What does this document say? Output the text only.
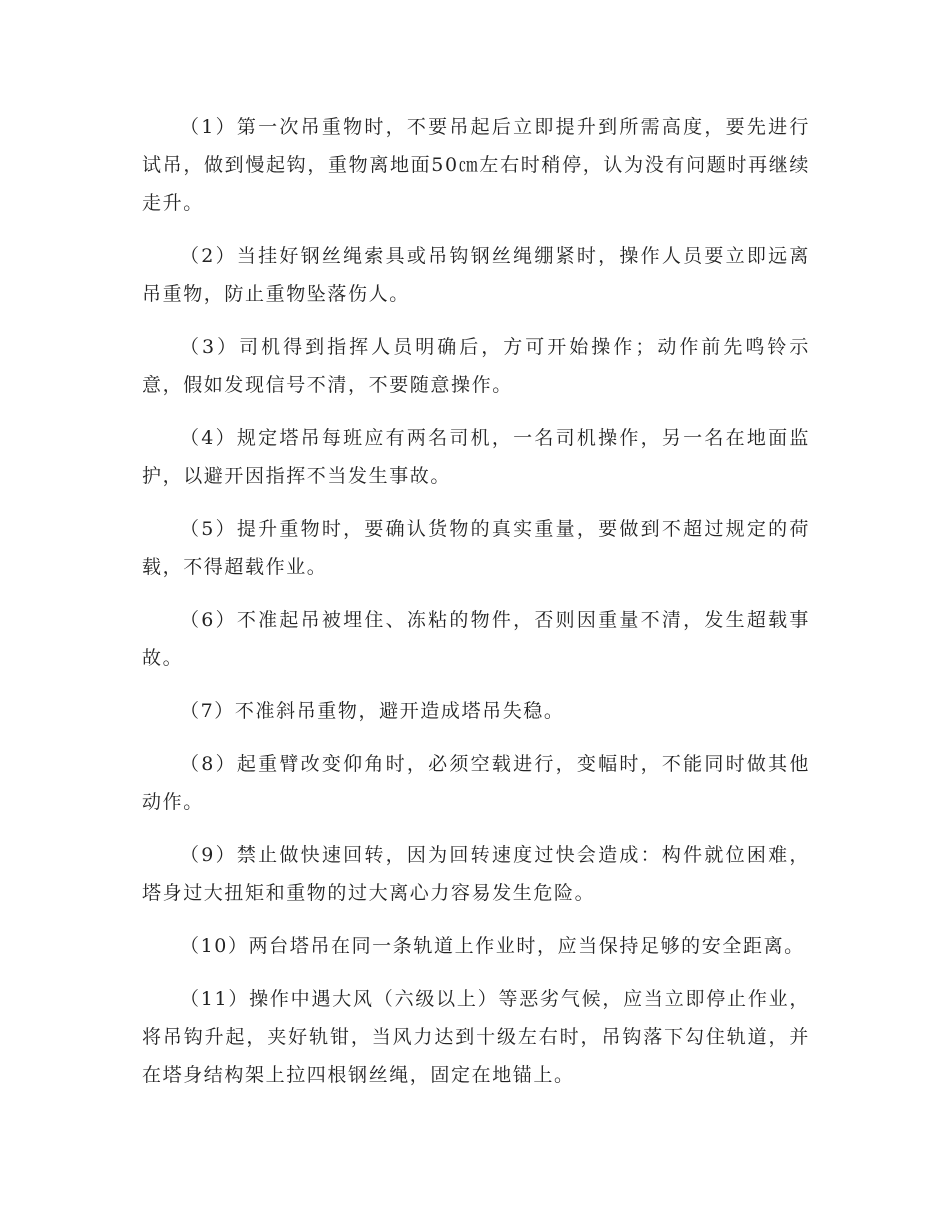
（1）第一次吊重物时，不要吊起后立即提升到所需高度，要先进行试吊，做到慢起钩，重物离地面50㎝左右时稍停，认为没有问题时再继续走升。

（2）当挂好钢丝绳索具或吊钩钢丝绳绷紧时，操作人员要立即远离吊重物，防止重物坠落伤人。

（3）司机得到指挥人员明确后，方可开始操作；动作前先鸣铃示意，假如发现信号不清，不要随意操作。

（4）规定塔吊每班应有两名司机，一名司机操作，另一名在地面监护，以避开因指挥不当发生事故。

（5）提升重物时，要确认货物的真实重量，要做到不超过规定的荷载，不得超载作业。

（6）不准起吊被埋住、冻粘的物件，否则因重量不清，发生超载事故。

（7）不准斜吊重物，避开造成塔吊失稳。

（8）起重臂改变仰角时，必须空载进行，变幅时，不能同时做其他动作。

（9）禁止做快速回转，因为回转速度过快会造成：构件就位困难，塔身过大扭矩和重物的过大离心力容易发生危险。

（10）两台塔吊在同一条轨道上作业时，应当保持足够的安全距离。

（11）操作中遇大风（六级以上）等恶劣气候，应当立即停止作业，将吊钩升起，夹好轨钳，当风力达到十级左右时，吊钩落下勾住轨道，并在塔身结构架上拉四根钢丝绳，固定在地锚上。
